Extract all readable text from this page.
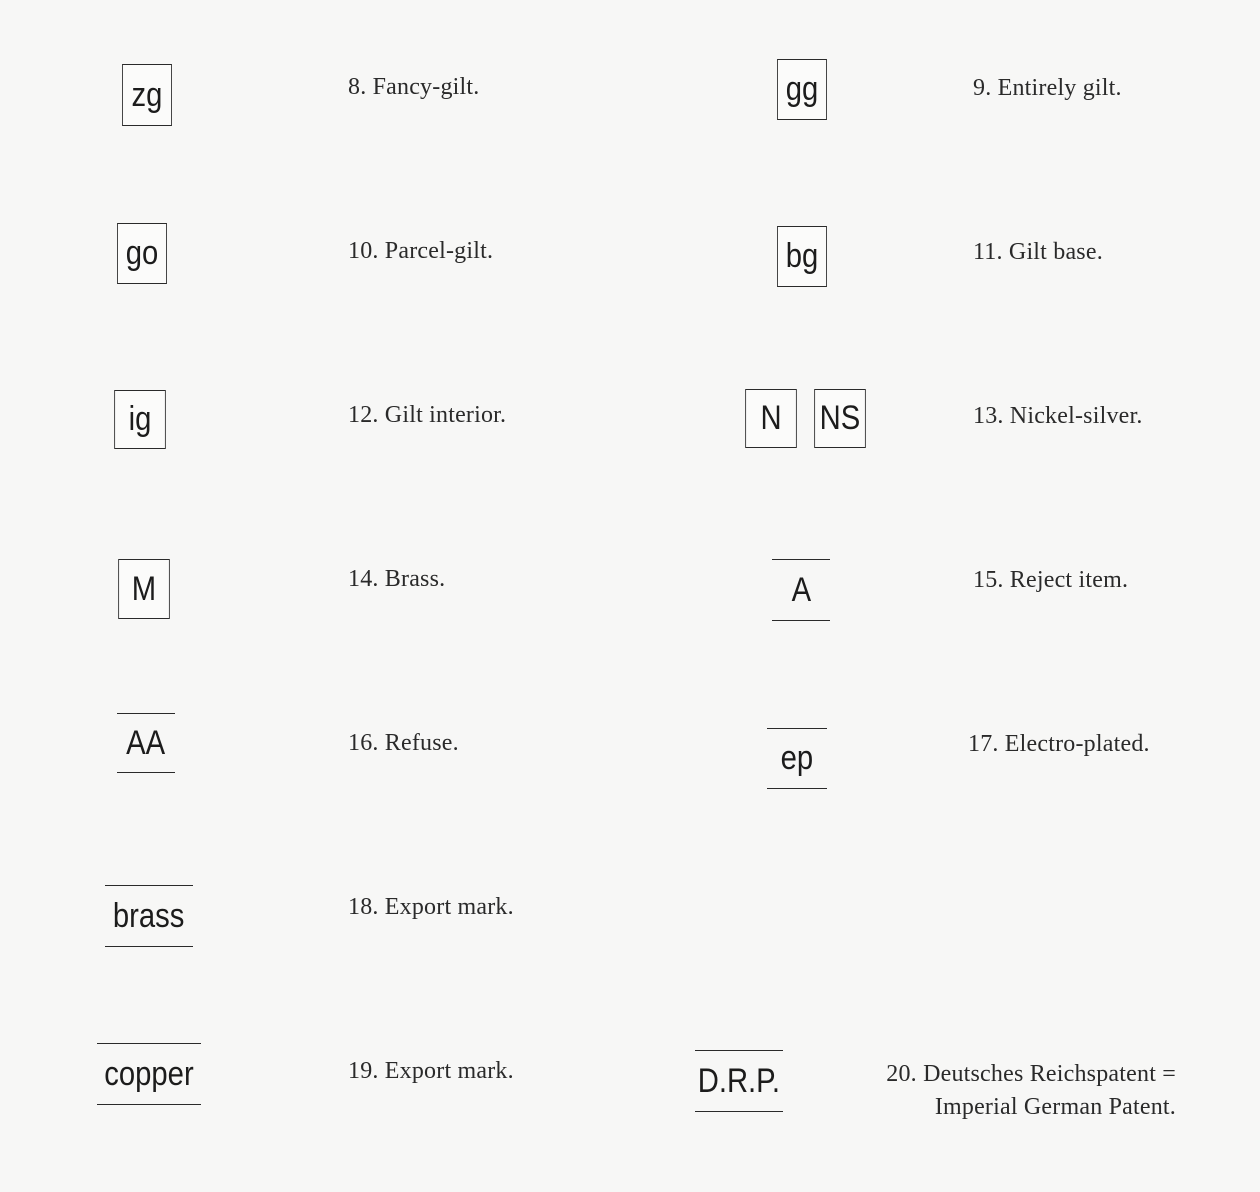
zg	8. Fancy-gilt.	gg	9. Entirely gilt.
go	10. Parcel-gilt.	bg	11. Gilt base.
ig	12. Gilt interior.	N	NS	13. Nickel-silver.
M	14. Brass.	A	15. Reject item.
AA	16. Refuse.	ep	17. Electro-plated.
brass	18. Export mark.
copper	19. Export mark.	D.R.P.	20. Deutsches Reichspatent =
Imperial German Patent.
